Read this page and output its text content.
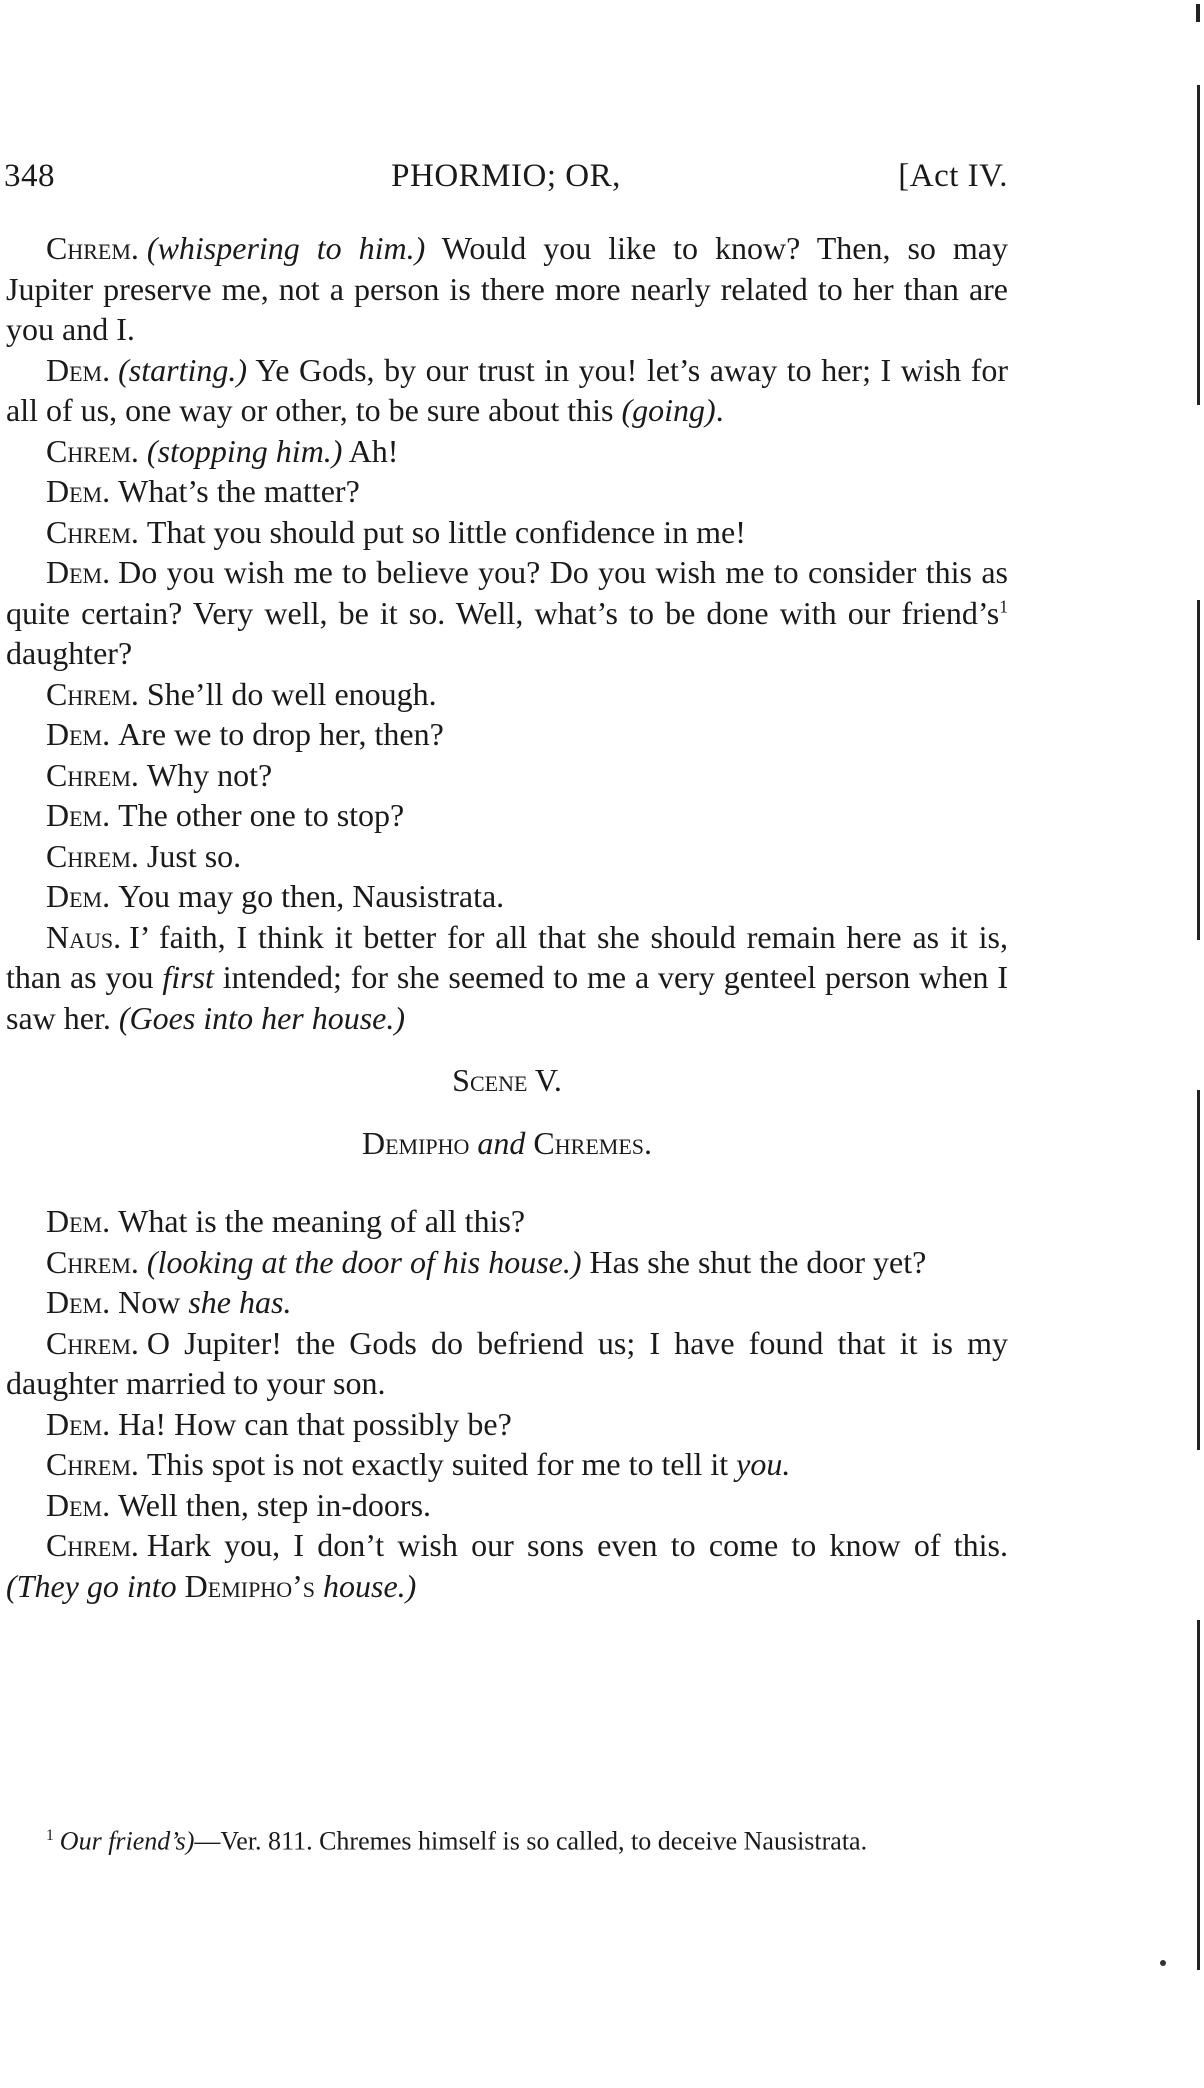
348	PHORMIO; OR,	[Act IV.

Chrem. (whispering to him.) Would you like to know? Then, so may Jupiter preserve me, not a person is there more nearly related to her than are you and I.

Dem. (starting.) Ye Gods, by our trust in you! let’s away to her; I wish for all of us, one way or other, to be sure about this (going).

Chrem. (stopping him.) Ah!

Dem. What’s the matter?

Chrem. That you should put so little confidence in me!

Dem. Do you wish me to believe you? Do you wish me to consider this as quite certain? Very well, be it so. Well, what’s to be done with our $friend’s^1$ daughter?

Chrem. She’ll do well enough.

Dem. Are we to drop her, then?

Chrem. Why not?

Dem. The other one to stop?

Chrem. Just so.

Dem. You may go then, Nausistrata.

Naus. I’ faith, I think it better for all that she should remain here as it is, than as you first intended; for she seemed to me a very genteel person when I saw her. (Goes into her house.)

Scene V.

Demipho and Chremes.

Dem. What is the meaning of all this?

Chrem. (looking at the door of his house.) Has she shut the door yet?

Dem. Now she has.

Chrem. O Jupiter! the Gods do befriend us; I have found that it is my daughter married to your son.

Dem. Ha! How can that possibly be?

Chrem. This spot is not exactly suited for me to tell it you.

Dem. Well then, step in-doors.

Chrem. Hark you, I don’t wish our sons even to come to know of this. (They go into Demipho’s house.)

$^1$ Our friend’s)—Ver. 811. Chremes himself is so called, to deceive Nausistrata.
